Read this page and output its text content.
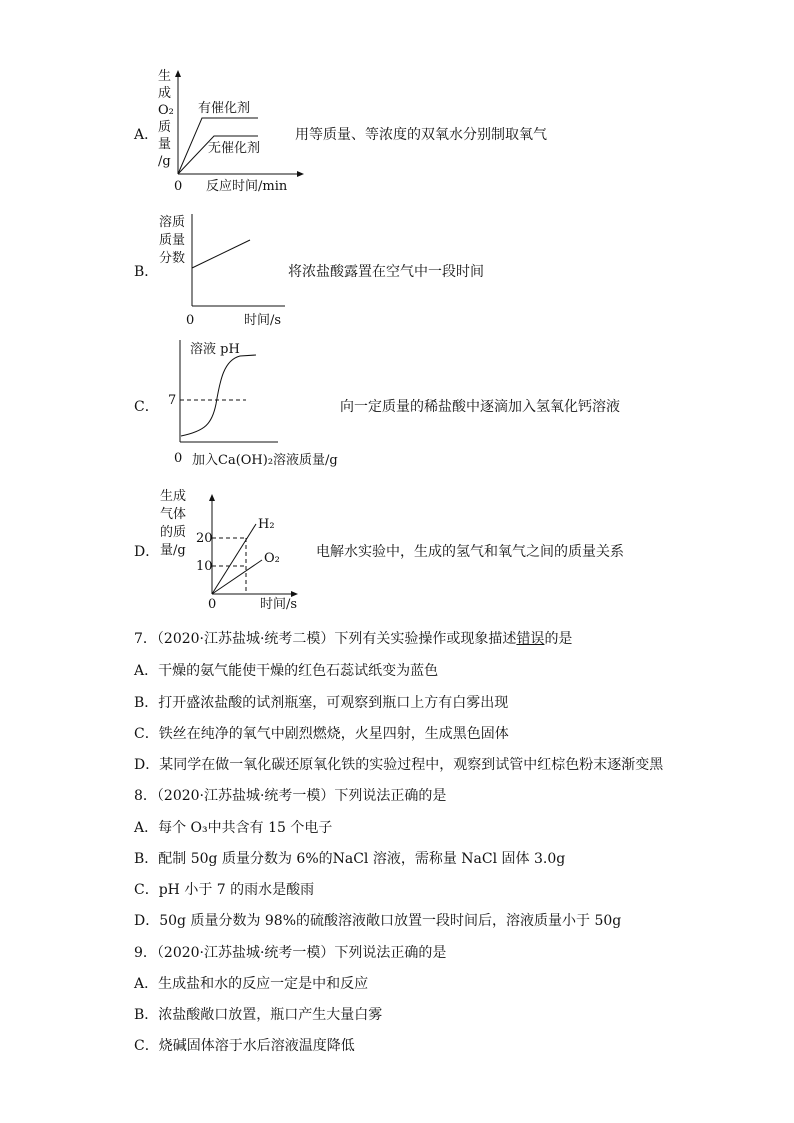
A．
生
成
O₂
质
量
/g
有催化剂
无催化剂
0 反应时间/min
用等质量、等浓度的双氧水分别制取氧气
B．
溶质
质量
分数
0	时间/s
将浓盐酸露置在空气中一段时间
C．
溶液 pH
7
0 加入Ca(OH)₂溶液质量/g
向一定质量的稀盐酸中逐滴加入氢氧化钙溶液
D．
生成
气体
的质
量/g
20
10
H₂
O₂
0	时间/s
电解水实验中，生成的氢气和氧气之间的质量关系
7．（2020·江苏盐城·统考二模）下列有关实验操作或现象描述错误的是
A．干燥的氨气能使干燥的红色石蕊试纸变为蓝色
B．打开盛浓盐酸的试剂瓶塞，可观察到瓶口上方有白雾出现
C．铁丝在纯净的氧气中剧烈燃烧，火星四射，生成黑色固体
D．某同学在做一氧化碳还原氧化铁的实验过程中，观察到试管中红棕色粉末逐渐变黑
8．（2020·江苏盐城·统考一模）下列说法正确的是
A．每个 O₃中共含有 15 个电子
B．配制 50g 质量分数为 6%的NaCl 溶液，需称量 NaCl 固体 3.0g
C．pH 小于 7 的雨水是酸雨
D．50g 质量分数为 98%的硫酸溶液敞口放置一段时间后，溶液质量小于 50g
9．（2020·江苏盐城·统考一模）下列说法正确的是
A．生成盐和水的反应一定是中和反应
B．浓盐酸敞口放置，瓶口产生大量白雾
C．烧碱固体溶于水后溶液温度降低
